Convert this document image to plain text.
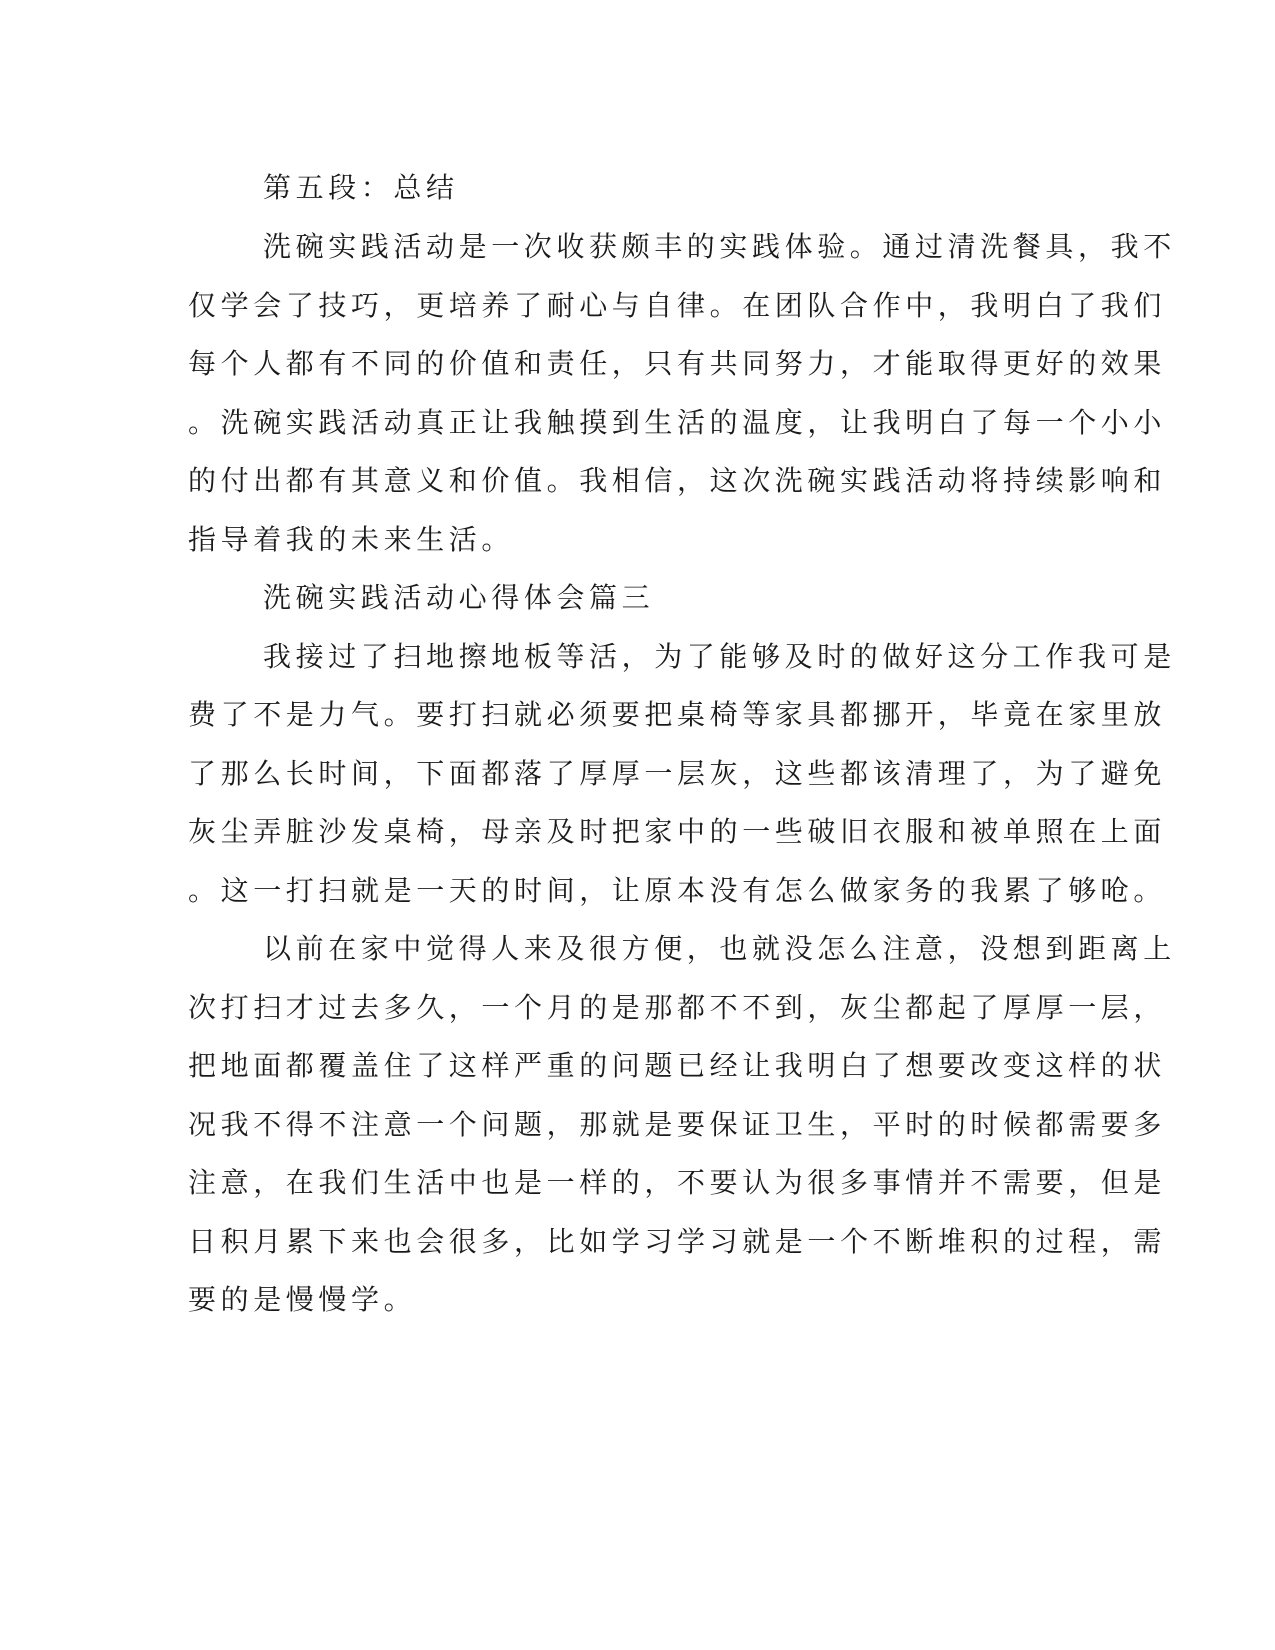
第五段：总结
洗碗实践活动是一次收获颇丰的实践体验。通过清洗餐具，我不
仅学会了技巧，更培养了耐心与自律。在团队合作中，我明白了我们
每个人都有不同的价值和责任，只有共同努力，才能取得更好的效果
。洗碗实践活动真正让我触摸到生活的温度，让我明白了每一个小小
的付出都有其意义和价值。我相信，这次洗碗实践活动将持续影响和
指导着我的未来生活。
洗碗实践活动心得体会篇三
我接过了扫地擦地板等活，为了能够及时的做好这分工作我可是
费了不是力气。要打扫就必须要把桌椅等家具都挪开，毕竟在家里放
了那么长时间，下面都落了厚厚一层灰，这些都该清理了，为了避免
灰尘弄脏沙发桌椅，母亲及时把家中的一些破旧衣服和被单照在上面
。这一打扫就是一天的时间，让原本没有怎么做家务的我累了够呛。
以前在家中觉得人来及很方便，也就没怎么注意，没想到距离上
次打扫才过去多久，一个月的是那都不不到，灰尘都起了厚厚一层，
把地面都覆盖住了这样严重的问题已经让我明白了想要改变这样的状
况我不得不注意一个问题，那就是要保证卫生，平时的时候都需要多
注意，在我们生活中也是一样的，不要认为很多事情并不需要，但是
日积月累下来也会很多，比如学习学习就是一个不断堆积的过程，需
要的是慢慢学。
